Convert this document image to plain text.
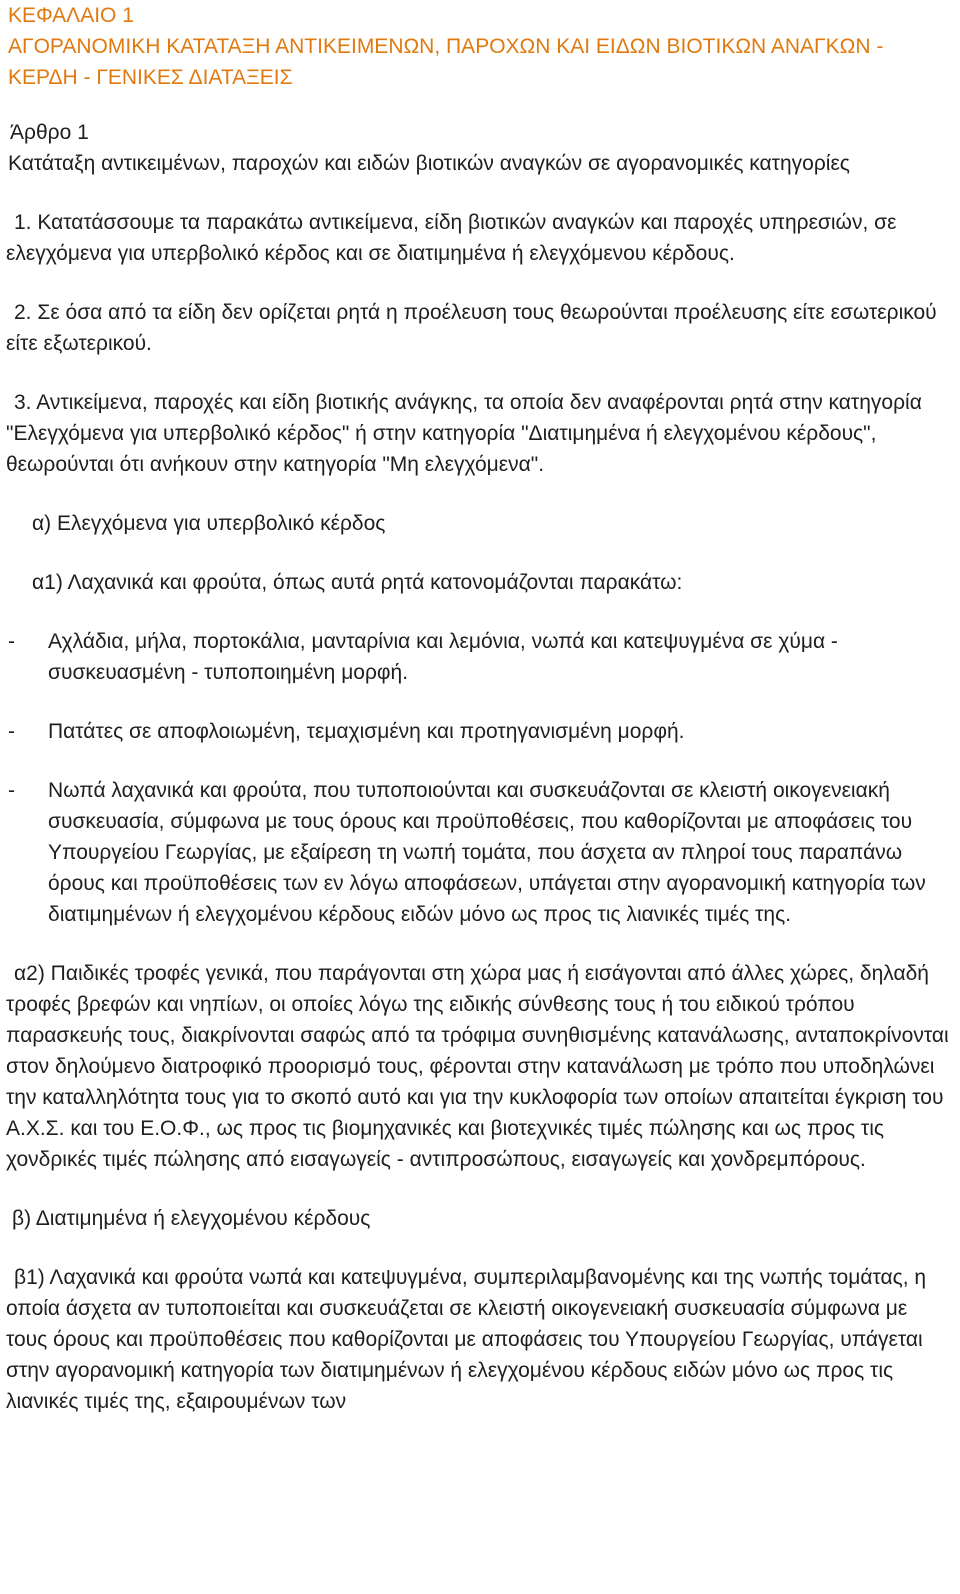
ΚΕΦΑΛΑΙΟ 1
ΑΓΟΡΑΝΟΜΙΚΗ ΚΑΤΑΤΑΞΗ ΑΝΤΙΚΕΙΜΕΝΩΝ, ΠΑΡΟΧΩΝ ΚΑΙ ΕΙΔΩΝ ΒΙΟΤΙΚΩΝ ΑΝΑΓΚΩΝ - ΚΕΡΔΗ - ΓΕΝΙΚΕΣ ΔΙΑΤΑΞΕΙΣ
Άρθρο 1
Κατάταξη αντικειμένων, παροχών και ειδών βιοτικών αναγκών σε αγορανομικές κατηγορίες

1. Κατατάσσουμε τα παρακάτω αντικείμενα, είδη βιοτικών αναγκών και παροχές υπηρεσιών, σε ελεγχόμενα για υπερβολικό κέρδος και σε διατιμημένα ή ελεγχόμενου κέρδους.

2. Σε όσα από τα είδη δεν ορίζεται ρητά η προέλευση τους θεωρούνται προέλευσης είτε εσωτερικού είτε εξωτερικού.

3. Αντικείμενα, παροχές και είδη βιοτικής ανάγκης, τα οποία δεν αναφέρονται ρητά στην κατηγορία "Ελεγχόμενα για υπερβολικό κέρδος" ή στην κατηγορία "Διατιμημένα ή ελεγχομένου κέρδους", θεωρούνται ότι ανήκουν στην κατηγορία "Μη ελεγχόμενα".

α) Ελεγχόμενα για υπερβολικό κέρδος
α1) Λαχανικά και φρούτα, όπως αυτά ρητά κατονομάζονται παρακάτω:
-	Αχλάδια, μήλα, πορτοκάλια, μανταρίνια και λεμόνια, νωπά και κατεψυγμένα σε χύμα - συσκευασμένη - τυποποιημένη μορφή.
-	Πατάτες σε αποφλοιωμένη, τεμαχισμένη και προτηγανισμένη μορφή.
-	Νωπά λαχανικά και φρούτα, που τυποποιούνται και συσκευάζονται σε κλειστή οικογενειακή συσκευασία, σύμφωνα με τους όρους και προϋποθέσεις, που καθορίζονται με αποφάσεις του Υπουργείου Γεωργίας, με εξαίρεση τη νωπή τομάτα, που άσχετα αν πληροί τους παραπάνω όρους και προϋποθέσεις των εν λόγω αποφάσεων, υπάγεται στην αγορανομική κατηγορία των διατιμημένων ή ελεγχομένου κέρδους ειδών μόνο ως προς τις λιανικές τιμές της.

α2) Παιδικές τροφές γενικά, που παράγονται στη χώρα μας ή εισάγονται από άλλες χώρες, δηλαδή τροφές βρεφών και νηπίων, οι οποίες λόγω της ειδικής σύνθεσης τους ή του ειδικού τρόπου παρασκευής τους, διακρίνονται σαφώς από τα τρόφιμα συνηθισμένης κατανάλωσης, ανταποκρίνονται στον δηλούμενο διατροφικό προορισμό τους, φέρονται στην κατανάλωση με τρόπο που υποδηλώνει την καταλληλότητα τους για το σκοπό αυτό και για την κυκλοφορία των οποίων απαιτείται έγκριση του Α.Χ.Σ. και του Ε.Ο.Φ., ως προς τις βιομηχανικές και βιοτεχνικές τιμές πώλησης και ως προς τις χονδρικές τιμές πώλησης από εισαγωγείς - αντιπροσώπους, εισαγωγείς και χονδρεμπόρους.

β) Διατιμημένα ή ελεγχομένου κέρδους

β1) Λαχανικά και φρούτα νωπά και κατεψυγμένα, συμπεριλαμβανομένης και της νωπής τομάτας, η οποία άσχετα αν τυποποιείται και συσκευάζεται σε κλειστή οικογενειακή συσκευασία σύμφωνα με τους όρους και προϋποθέσεις που καθορίζονται με αποφάσεις του Υπουργείου Γεωργίας, υπάγεται στην αγορανομική κατηγορία των διατιμημένων ή ελεγχομένου κέρδους ειδών μόνο ως προς τις λιανικές τιμές της, εξαιρουμένων των
